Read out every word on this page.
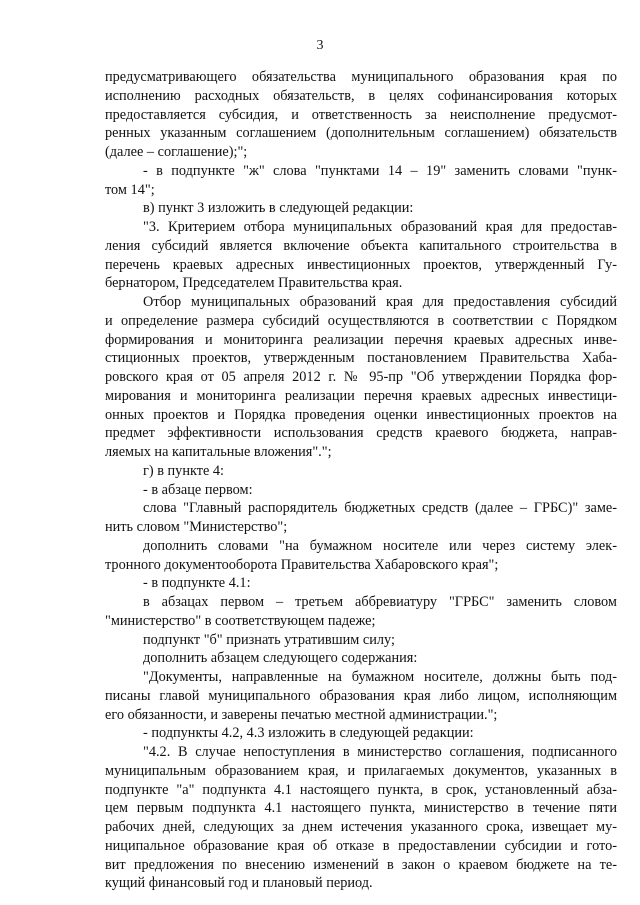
3
предусматривающего обязательства муниципального образования края по
исполнению расходных обязательств, в целях софинансирования которых
предоставляется субсидия, и ответственность за неисполнение предусмот-
ренных указанным соглашением (дополнительным соглашением) обязательств
(далее – соглашение);";
- в подпункте "ж" слова "пунктами 14 – 19" заменить словами "пунк-
том 14";
в) пункт 3 изложить в следующей редакции:
"3. Критерием отбора муниципальных образований края для предостав-
ления субсидий является включение объекта капитального строительства в
перечень краевых адресных инвестиционных проектов, утвержденный Гу-
бернатором, Председателем Правительства края.
Отбор муниципальных образований края для предоставления субсидий
и определение размера субсидий осуществляются в соответствии с Порядком
формирования и мониторинга реализации перечня краевых адресных инве-
стиционных проектов, утвержденным постановлением Правительства Хаба-
ровского края от 05 апреля 2012 г. № 95-пр "Об утверждении Порядка фор-
мирования и мониторинга реализации перечня краевых адресных инвестици-
онных проектов и Порядка проведения оценки инвестиционных проектов на
предмет эффективности использования средств краевого бюджета, направ-
ляемых на капитальные вложения".";
г) в пункте 4:
- в абзаце первом:
слова "Главный распорядитель бюджетных средств (далее – ГРБС)" заме-
нить словом "Министерство";
дополнить словами "на бумажном носителе или через систему элек-
тронного документооборота Правительства Хабаровского края";
- в подпункте 4.1:
в абзацах первом – третьем аббревиатуру "ГРБС" заменить словом
"министерство" в соответствующем падеже;
подпункт "б" признать утратившим силу;
дополнить абзацем следующего содержания:
"Документы, направленные на бумажном носителе, должны быть под-
писаны главой муниципального образования края либо лицом, исполняющим
его обязанности, и заверены печатью местной администрации.";
- подпункты 4.2, 4.3 изложить в следующей редакции:
"4.2. В случае непоступления в министерство соглашения, подписанного
муниципальным образованием края, и прилагаемых документов, указанных в
подпункте "а" подпункта 4.1 настоящего пункта, в срок, установленный абза-
цем первым подпункта 4.1 настоящего пункта, министерство в течение пяти
рабочих дней, следующих за днем истечения указанного срока, извещает му-
ниципальное образование края об отказе в предоставлении субсидии и гото-
вит предложения по внесению изменений в закон о краевом бюджете на те-
кущий финансовый год и плановый период.
